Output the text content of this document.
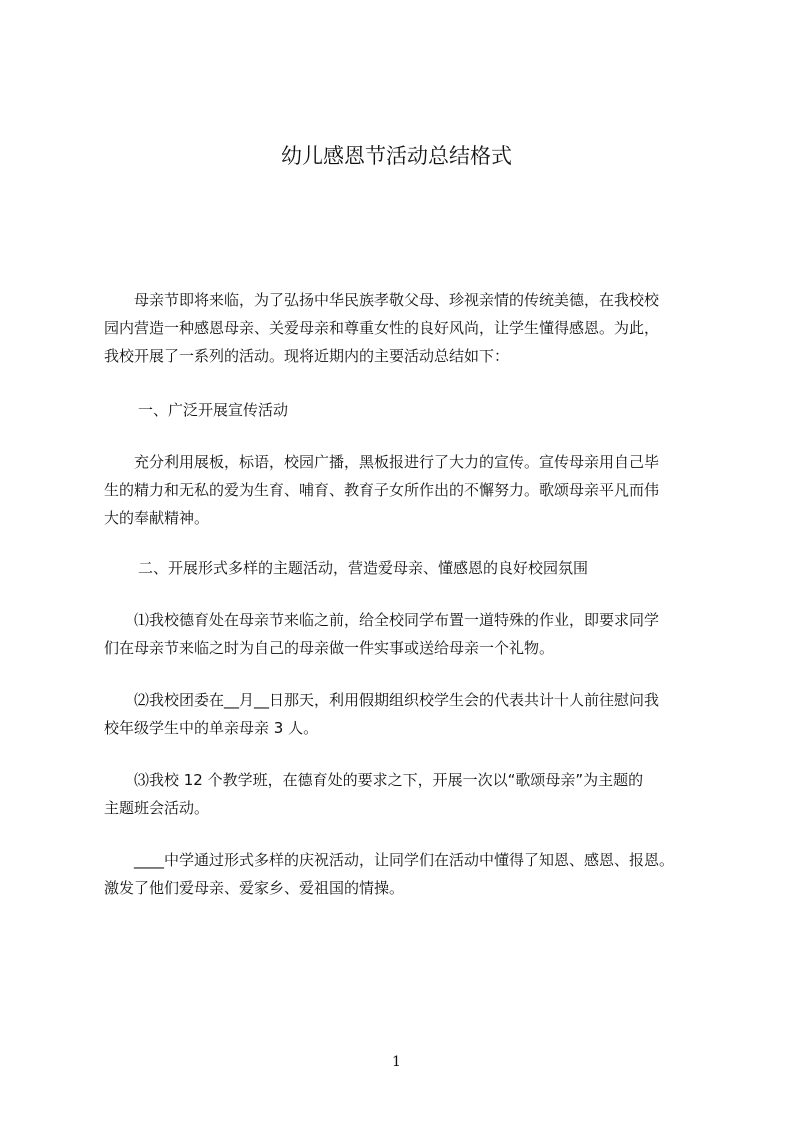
幼儿感恩节活动总结格式
　　母亲节即将来临，为了弘扬中华民族孝敬父母、珍视亲情的传统美德，在我校校
园内营造一种感恩母亲、关爱母亲和尊重女性的良好风尚，让学生懂得感恩。为此，
我校开展了一系列的活动。现将近期内的主要活动总结如下：
一、广泛开展宣传活动
　　充分利用展板，标语，校园广播，黑板报进行了大力的宣传。宣传母亲用自己毕
生的精力和无私的爱为生育、哺育、教育子女所作出的不懈努力。歌颂母亲平凡而伟
大的奉献精神。
二、开展形式多样的主题活动，营造爱母亲、懂感恩的良好校园氛围
　　⑴我校德育处在母亲节来临之前，给全校同学布置一道特殊的作业，即要求同学
们在母亲节来临之时为自己的母亲做一件实事或送给母亲一个礼物。
　　⑵我校团委在__月__日那天，利用假期组织校学生会的代表共计十人前往慰问我
校年级学生中的单亲母亲 3 人。
　　⑶我校 12 个教学班，在德育处的要求之下，开展一次以“歌颂母亲”为主题的
主题班会活动。
　　____中学通过形式多样的庆祝活动，让同学们在活动中懂得了知恩、感恩、报恩。
激发了他们爱母亲、爱家乡、爱祖国的情操。
1
